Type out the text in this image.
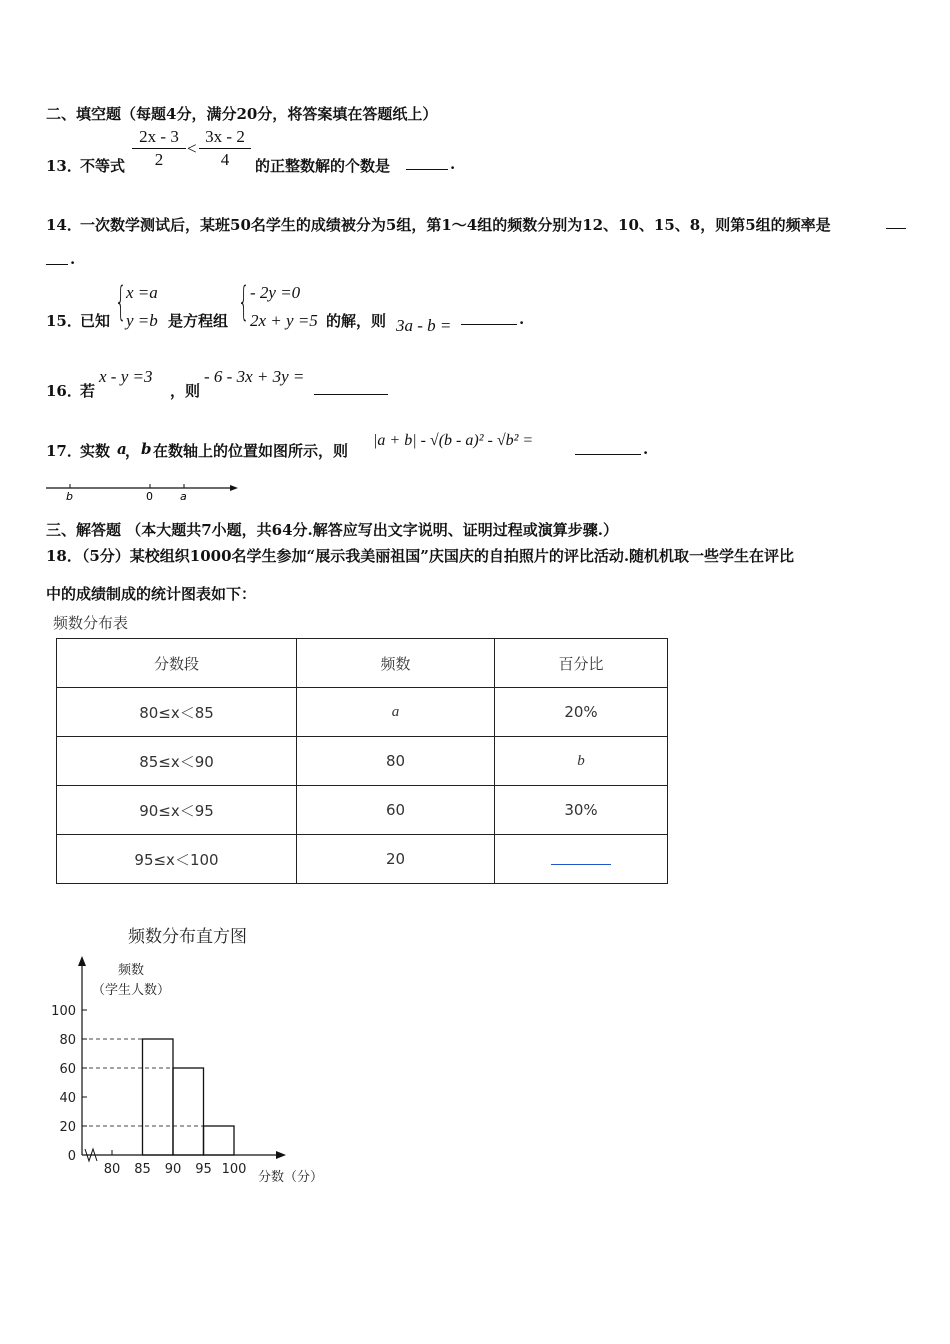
二、填空题（每题4分，满分20分，将答案填在答题纸上）
13．
不等式 $\frac{2x - 3}{2} < \frac{3x - 2}{4}$ 的正整数解的个数是	.
14．
一次数学测试后，某班50名学生的成绩被分为5组，第1～4组的频数分别为12、10、15、8，则第5组的频率是
.
15．
已知 { x =a
y =b 是方程组 { - 2y =0
2x + y =5 的解，则 3a - b =	.
16．
若
x - y =3
，则
- 6 - 3x + 3y =
17．
实数 a
， b 在数轴上的位置如图所示，则
|a + b| - √(b - a)² - √b² =	.
b	0 a
三、解答题 （本大题共7小题，共64分.解答应写出文字说明、证明过程或演算步骤.）
18．（5分）某校组织1000名学生参加“展示我美丽祖国”庆国庆的自拍照片的评比活动.随机机取一些学生在评比
中的成绩制成的统计图表如下：
频数分布表
分数段	频数	百分比
80≤x＜85	a	20%
85≤x＜90	80	b
90≤x＜95	60	30%
95≤x＜100	20	
频数分布直方图
频数
（学生人数）
0
20
40
60
80
100
80 85 90 95 100
分数（分）
